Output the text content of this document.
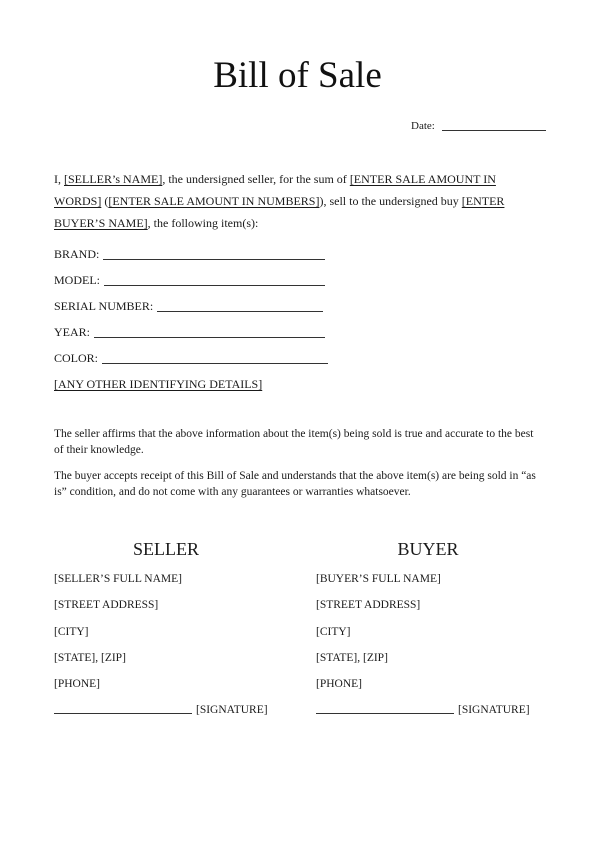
Bill of Sale
Date:
I, [SELLER’s NAME], the undersigned seller, for the sum of [ENTER SALE AMOUNT IN WORDS] ([ENTER SALE AMOUNT IN NUMBERS]), sell to the undersigned buy [ENTER BUYER’S NAME], the following item(s):
BRAND:
MODEL:
SERIAL NUMBER:
YEAR:
COLOR:
[ANY OTHER IDENTIFYING DETAILS]
The seller affirms that the above information about the item(s) being sold is true and accurate to the best of their knowledge.
The buyer accepts receipt of this Bill of Sale and understands that the above item(s) are being sold in “as is” condition, and do not come with any guarantees or warranties whatsoever.
SELLER
[SELLER’S FULL NAME]
[STREET ADDRESS]
[CITY]
[STATE], [ZIP]
[PHONE]
[SIGNATURE]
BUYER
[BUYER’S FULL NAME]
[STREET ADDRESS]
[CITY]
[STATE], [ZIP]
[PHONE]
[SIGNATURE]
